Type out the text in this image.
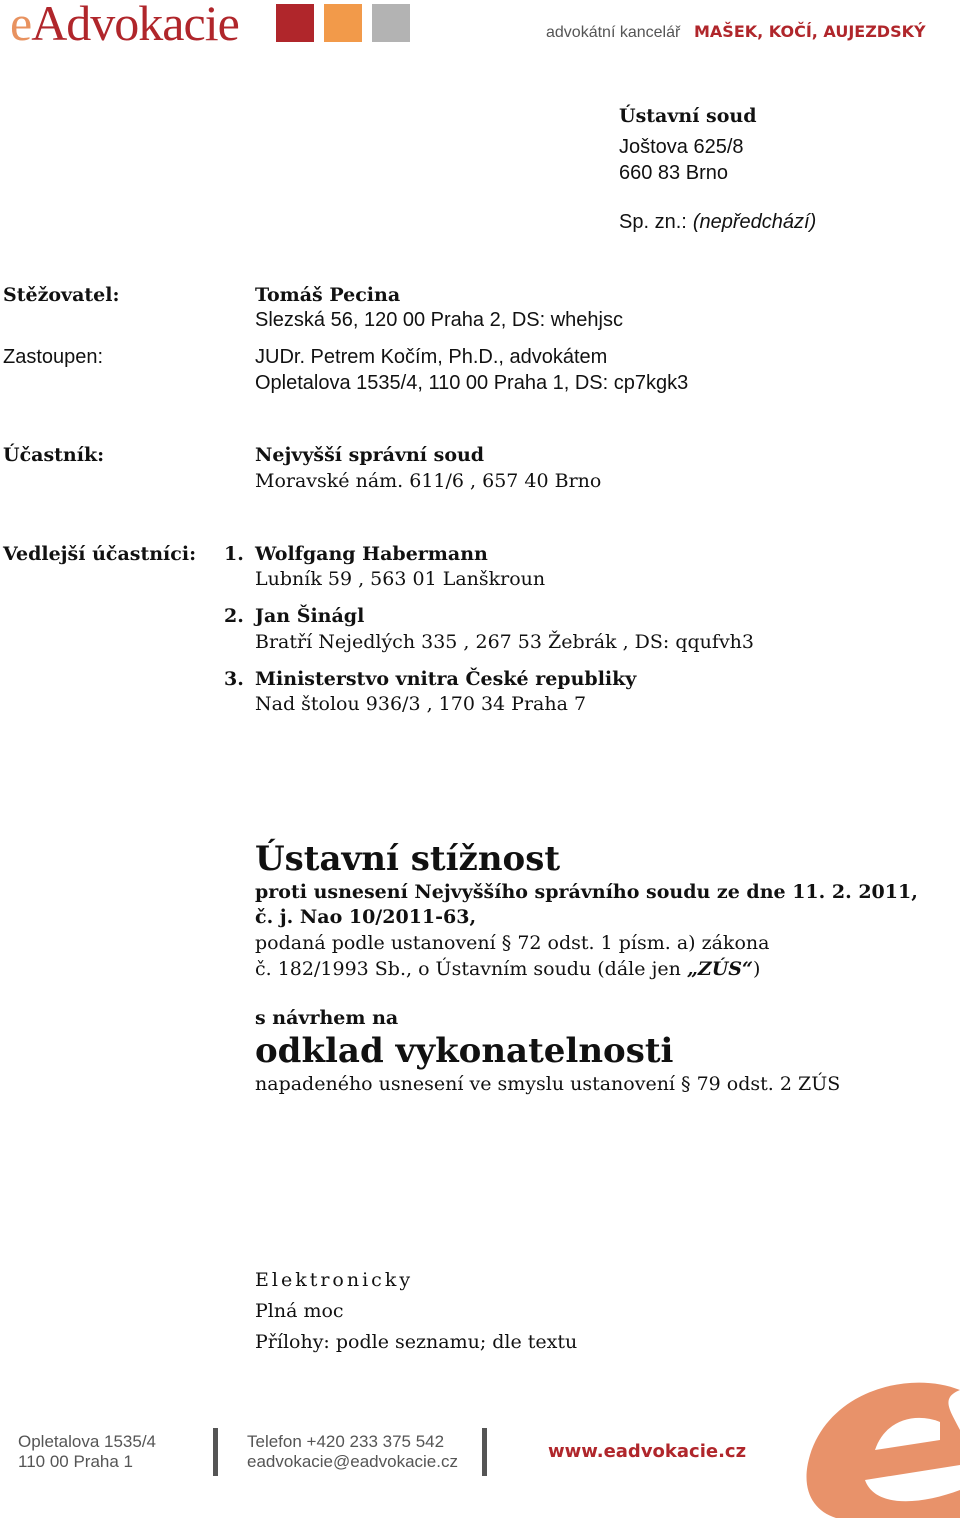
eAdvokacie	advokátní kancelář MAŠEK, KOČÍ, AUJEZDSKÝ
Ústavní soud
Joštova 625/8
660 83 Brno
Sp. zn.: (nepředchází)
Stěžovatel:	Tomáš Pecina
Slezská 56, 120 00 Praha 2, DS: whehjsc
Zastoupen:	JUDr. Petrem Kočím, Ph.D., advokátem
Opletalova 1535/4, 110 00 Praha 1, DS: cp7kgk3
Účastník:	Nejvyšší správní soud
Moravské nám. 611/6 , 657 40 Brno
Vedlejší účastníci: 1. Wolfgang Habermann
Lubník 59 , 563 01 Lanškroun
2. Jan Šinágl
Bratří Nejedlých 335 , 267 53 Žebrák , DS: qqufvh3
3. Ministerstvo vnitra České republiky
Nad štolou 936/3 , 170 34 Praha 7
Ústavní stížnost
proti usnesení Nejvyššího správního soudu ze dne 11. 2. 2011,
č. j. Nao 10/2011-63,
podaná podle ustanovení § 72 odst. 1 písm. a) zákona
č. 182/1993 Sb., o Ústavním soudu (dále jen „ZÚS“)
s návrhem na
odklad vykonatelnosti
napadeného usnesení ve smyslu ustanovení § 79 odst. 2 ZÚS
Elektronicky
Plná moc
Přílohy: podle seznamu; dle textu
Opletalova 1535/4
110 00 Praha 1
Telefon +420 233 375 542
eadvokacie@eadvokacie.cz	www.eadvokacie.cz
